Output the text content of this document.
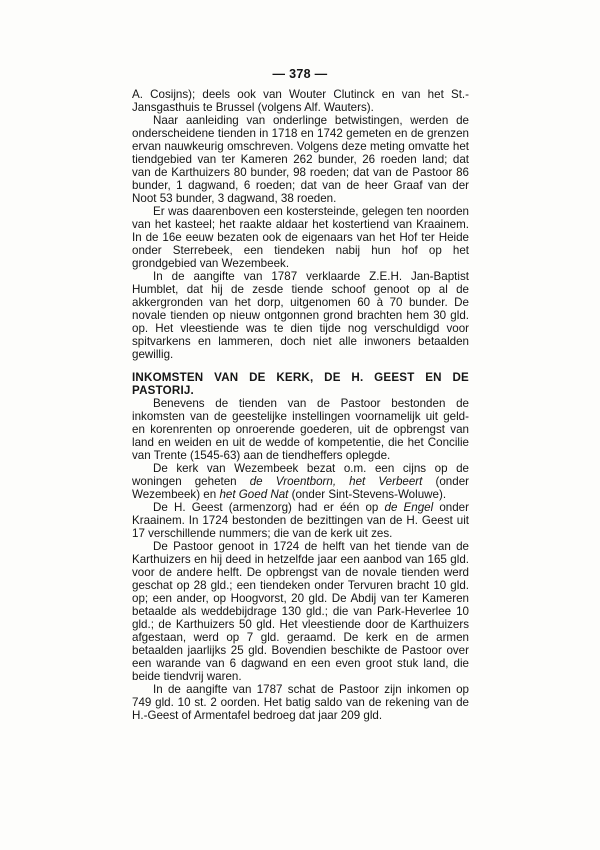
— 378 —

A. Cosijns); deels ook van Wouter Clutinck en van het St.-Jansgasthuis te Brussel (volgens Alf. Wauters).

Naar aanleiding van onderlinge betwistingen, werden de onderscheidene tienden in 1718 en 1742 gemeten en de grenzen ervan nauwkeurig omschreven. Volgens deze meting omvatte het tiendgebied van ter Kameren 262 bunder, 26 roeden land; dat van de Karthuizers 80 bunder, 98 roeden; dat van de Pastoor 86 bunder, 1 dagwand, 6 roeden; dat van de heer Graaf van der Noot 53 bunder, 3 dagwand, 38 roeden.

Er was daarenboven een kostersteinde, gelegen ten noorden van het kasteel; het raakte aldaar het kostertiend van Kraainem. In de 16e eeuw bezaten ook de eigenaars van het Hof ter Heide onder Sterrebeek, een tiendeken nabij hun hof op het grondgebied van Wezembeek.

In de aangifte van 1787 verklaarde Z.E.H. Jan-Baptist Humblet, dat hij de zesde tiende schoof genoot op al de akkergronden van het dorp, uitgenomen 60 à 70 bunder. De novale tienden op nieuw ontgonnen grond brachten hem 30 gld. op. Het vleestiende was te dien tijde nog verschuldigd voor spitvarkens en lammeren, doch niet alle inwoners betaalden gewillig.

INKOMSTEN VAN DE KERK, DE H. GEEST EN DE PASTORIJ.

Benevens de tienden van de Pastoor bestonden de inkomsten van de geestelijke instellingen voornamelijk uit geld- en korenrenten op onroerende goederen, uit de opbrengst van land en weiden en uit de wedde of kompetentie, die het Concilie van Trente (1545-63) aan de tiendheffers oplegde.

De kerk van Wezembeek bezat o.m. een cijns op de woningen geheten de Vroentborn, het Verbeert (onder Wezembeek) en het Goed Nat (onder Sint-Stevens-Woluwe).

De H. Geest (armenzorg) had er één op de Engel onder Kraainem. In 1724 bestonden de bezittingen van de H. Geest uit 17 verschillende nummers; die van de kerk uit zes.

De Pastoor genoot in 1724 de helft van het tiende van de Karthuizers en hij deed in hetzelfde jaar een aanbod van 165 gld. voor de andere helft. De opbrengst van de novale tienden werd geschat op 28 gld.; een tiendeken onder Tervuren bracht 10 gld. op; een ander, op Hoogvorst, 20 gld. De Abdij van ter Kameren betaalde als weddebijdrage 130 gld.; die van Park-Heverlee 10 gld.; de Karthuizers 50 gld. Het vleestiende door de Karthuizers afgestaan, werd op 7 gld. geraamd. De kerk en de armen betaalden jaarlijks 25 gld. Bovendien beschikte de Pastoor over een warande van 6 dagwand en een even groot stuk land, die beide tiendvrij waren.

In de aangifte van 1787 schat de Pastoor zijn inkomen op 749 gld. 10 st. 2 oorden. Het batig saldo van de rekening van de H.-Geest of Armentafel bedroeg dat jaar 209 gld.
